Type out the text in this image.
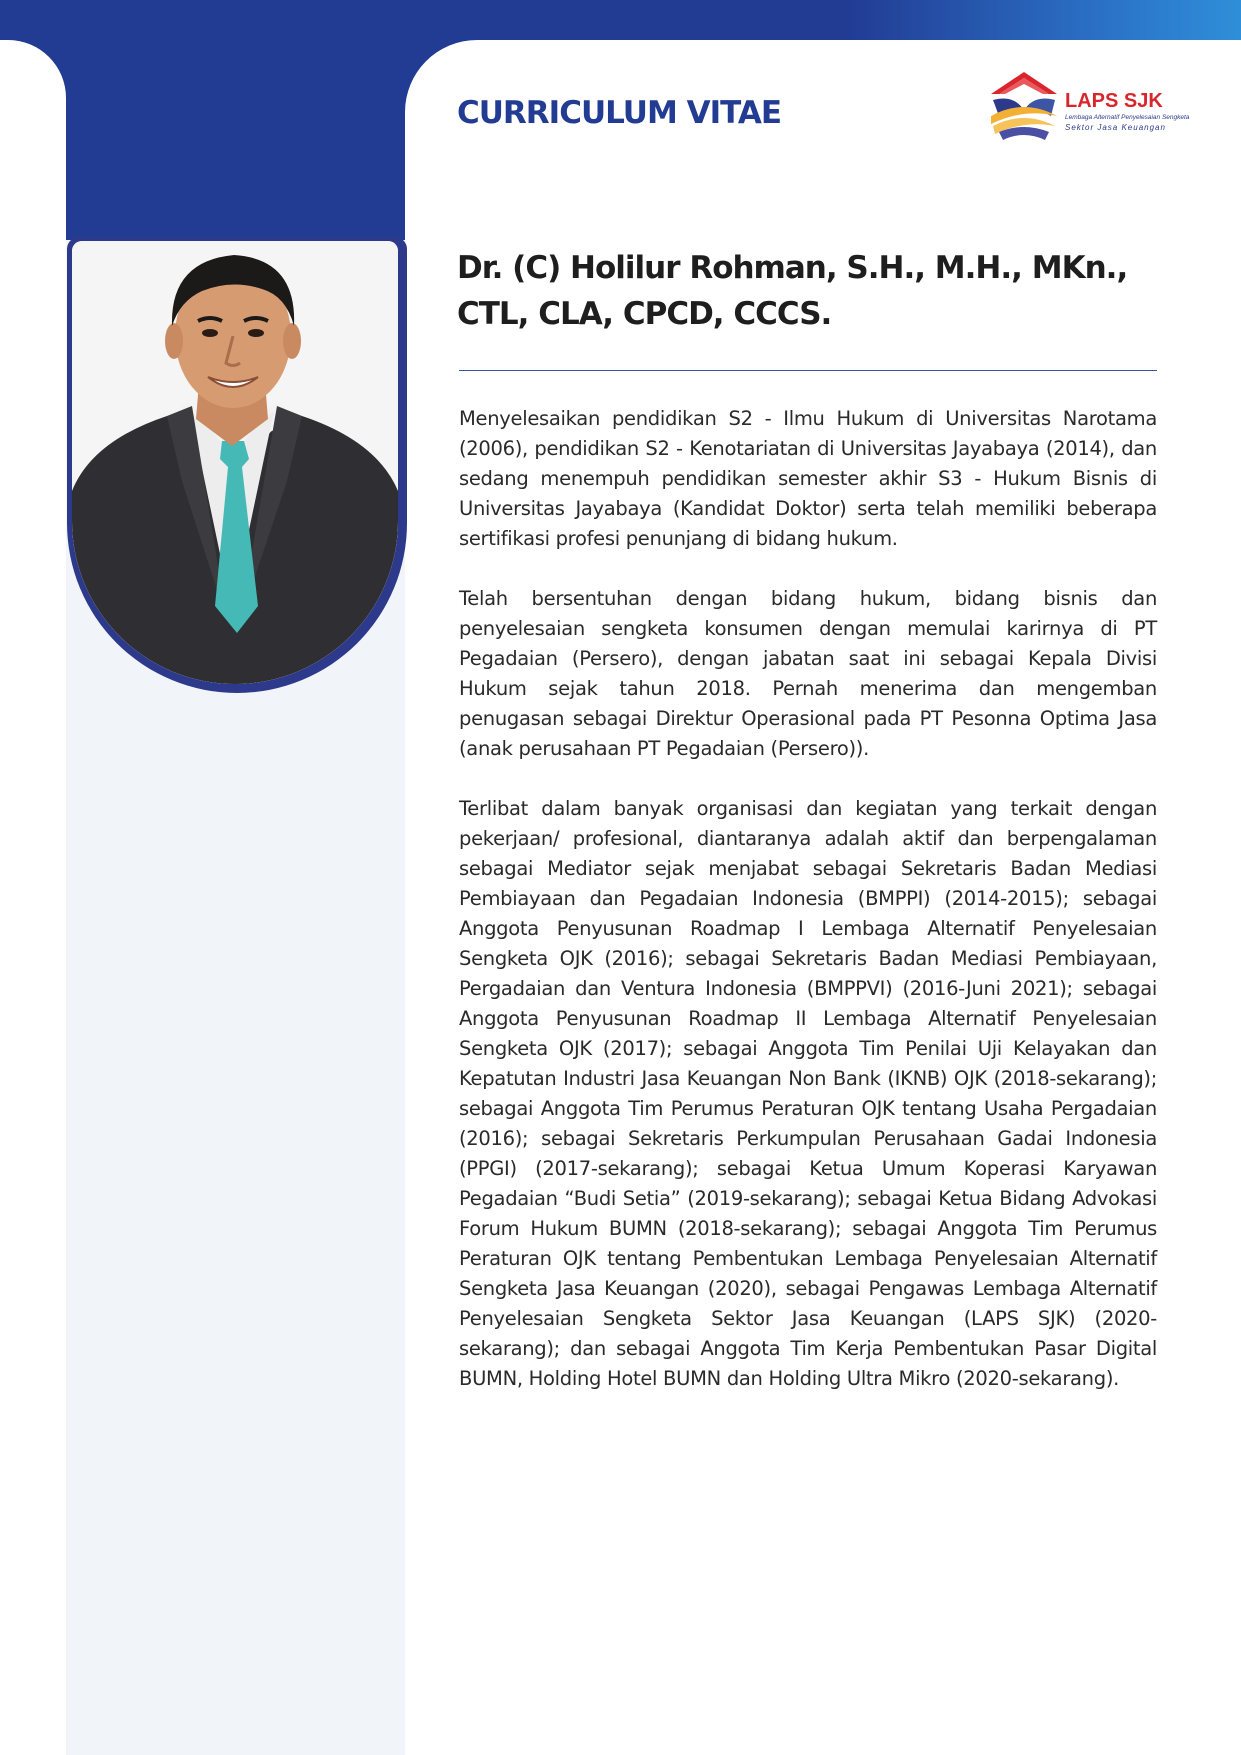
CURRICULUM VITAE	LAPS SJK

Lembaga Alternatif Penyelesaian Sengketa

Sektor Jasa Keuangan

Dr. (C) Holilur Rohman, S.H., M.H., MKn.,
CTL, CLA, CPCD, CCCS.

Menyelesaikan pendidikan S2 - Ilmu Hukum di Universitas Narotama (2006), pendidikan S2 - Kenotariatan di Universitas Jayabaya (2014), dan sedang menempuh pendidikan semester akhir S3 - Hukum Bisnis di Universitas Jayabaya (Kandidat Doktor) serta telah memiliki beberapa sertifikasi profesi penunjang di bidang hukum.

Telah bersentuhan dengan bidang hukum, bidang bisnis dan penyelesaian sengketa konsumen dengan memulai karirnya di PT Pegadaian (Persero), dengan jabatan saat ini sebagai Kepala Divisi Hukum sejak tahun 2018. Pernah menerima dan mengemban penugasan sebagai Direktur Operasional pada PT Pesonna Optima Jasa (anak perusahaan PT Pegadaian (Persero)).

Terlibat dalam banyak organisasi dan kegiatan yang terkait dengan pekerjaan/ profesional, diantaranya adalah aktif dan berpengalaman sebagai Mediator sejak menjabat sebagai Sekretaris Badan Mediasi Pembiayaan dan Pegadaian Indonesia (BMPPI) (2014-2015); sebagai Anggota Penyusunan Roadmap I Lembaga Alternatif Penyelesaian Sengketa OJK (2016); sebagai Sekretaris Badan Mediasi Pembiayaan, Pergadaian dan Ventura Indonesia (BMPPVI) (2016-Juni 2021); sebagai Anggota Penyusunan Roadmap II Lembaga Alternatif Penyelesaian Sengketa OJK (2017); sebagai Anggota Tim Penilai Uji Kelayakan dan Kepatutan Industri Jasa Keuangan Non Bank (IKNB) OJK (2018-sekarang); sebagai Anggota Tim Perumus Peraturan OJK tentang Usaha Pergadaian (2016); sebagai Sekretaris Perkumpulan Perusahaan Gadai Indonesia (PPGI) (2017-sekarang); sebagai Ketua Umum Koperasi Karyawan Pegadaian “Budi Setia” (2019-sekarang); sebagai Ketua Bidang Advokasi Forum Hukum BUMN (2018-sekarang); sebagai Anggota Tim Perumus Peraturan OJK tentang Pembentukan Lembaga Penyelesaian Alternatif Sengketa Jasa Keuangan (2020), sebagai Pengawas Lembaga Alternatif Penyelesaian Sengketa Sektor Jasa Keuangan (LAPS SJK) (2020-sekarang); dan sebagai Anggota Tim Kerja Pembentukan Pasar Digital BUMN, Holding Hotel BUMN dan Holding Ultra Mikro (2020-sekarang).
